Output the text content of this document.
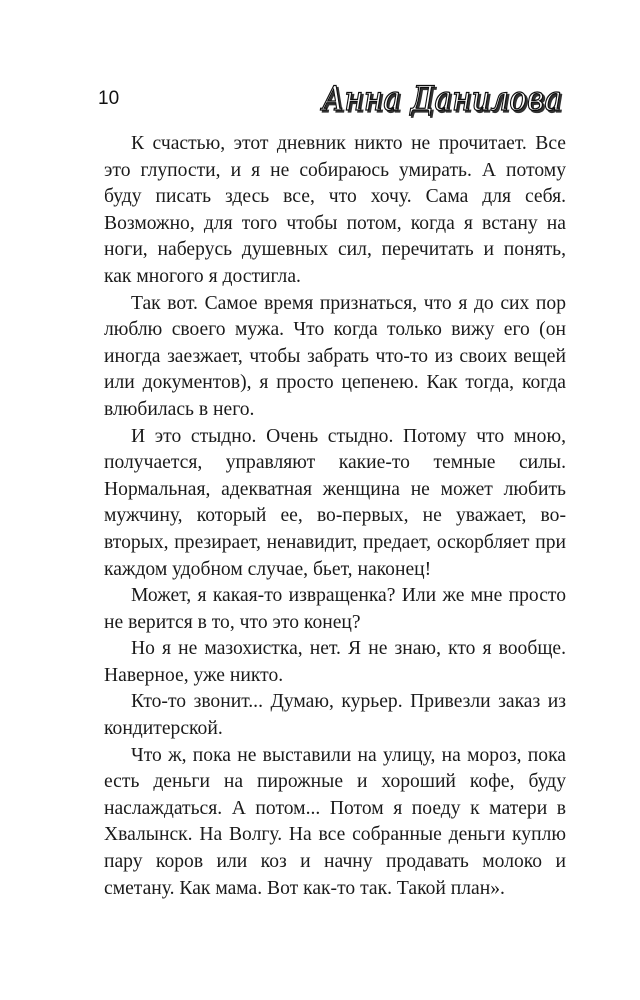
10	Анна Данилова

К счастью, этот дневник никто не прочитает. Все это глупости, и я не собираюсь умирать. А потому буду писать здесь все, что хочу. Сама для себя. Возможно, для того чтобы потом, когда я встану на ноги, наберусь душевных сил, перечитать и понять, как многого я достигла.

Так вот. Самое время признаться, что я до сих пор люблю своего мужа. Что когда только вижу его (он иногда заезжает, чтобы забрать что-то из своих вещей или документов), я просто цепенею. Как тогда, когда влюбилась в него.

И это стыдно. Очень стыдно. Потому что мною, получается, управляют какие-то темные силы. Нормальная, адекватная женщина не может любить мужчину, который ее, во-первых, не уважает, во-вторых, презирает, ненавидит, предает, оскорбляет при каждом удобном случае, бьет, наконец!

Может, я какая-то извращенка? Или же мне просто не верится в то, что это конец?

Но я не мазохистка, нет. Я не знаю, кто я вообще. Наверное, уже никто.

Кто-то звонит... Думаю, курьер. Привезли заказ из кондитерской.

Что ж, пока не выставили на улицу, на мороз, пока есть деньги на пирожные и хороший кофе, буду наслаждаться. А потом... Потом я поеду к матери в Хвалынск. На Волгу. На все собранные деньги куплю пару коров или коз и начну продавать молоко и сметану. Как мама. Вот как-то так. Такой план».
